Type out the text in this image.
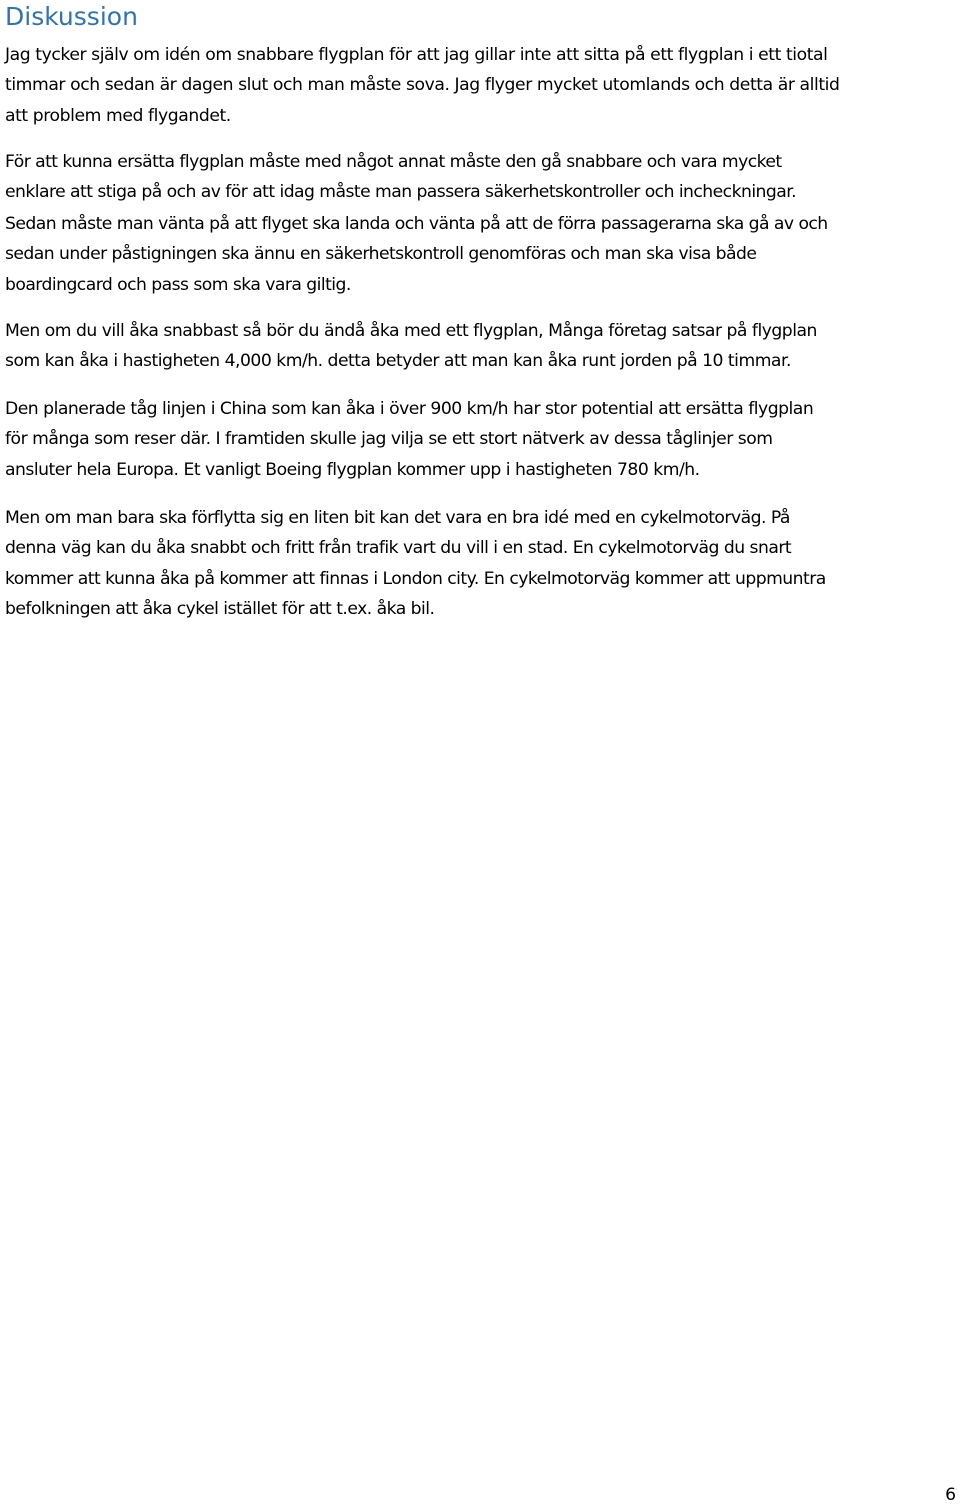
Diskussion

Jag tycker själv om idén om snabbare flygplan för att jag gillar inte att sitta på ett flygplan i ett tiotal
timmar och sedan är dagen slut och man måste sova. Jag flyger mycket utomlands och detta är alltid
att problem med flygandet.

För att kunna ersätta flygplan måste med något annat måste den gå snabbare och vara mycket
enklare att stiga på och av för att idag måste man passera säkerhetskontroller och incheckningar.

Sedan måste man vänta på att flyget ska landa och vänta på att de förra passagerarna ska gå av och
sedan under påstigningen ska ännu en säkerhetskontroll genomföras och man ska visa både
boardingcard och pass som ska vara giltig.

Men om du vill åka snabbast så bör du ändå åka med ett flygplan, Många företag satsar på flygplan
som kan åka i hastigheten 4,000 km/h. detta betyder att man kan åka runt jorden på 10 timmar.

Den planerade tåg linjen i China som kan åka i över 900 km/h har stor potential att ersätta flygplan
för många som reser där. I framtiden skulle jag vilja se ett stort nätverk av dessa tåglinjer som
ansluter hela Europa. Et vanligt Boeing flygplan kommer upp i hastigheten 780 km/h.

Men om man bara ska förflytta sig en liten bit kan det vara en bra idé med en cykelmotorväg. På
denna väg kan du åka snabbt och fritt från trafik vart du vill i en stad. En cykelmotorväg du snart
kommer att kunna åka på kommer att finnas i London city. En cykelmotorväg kommer att uppmuntra
befolkningen att åka cykel istället för att t.ex. åka bil.

6
